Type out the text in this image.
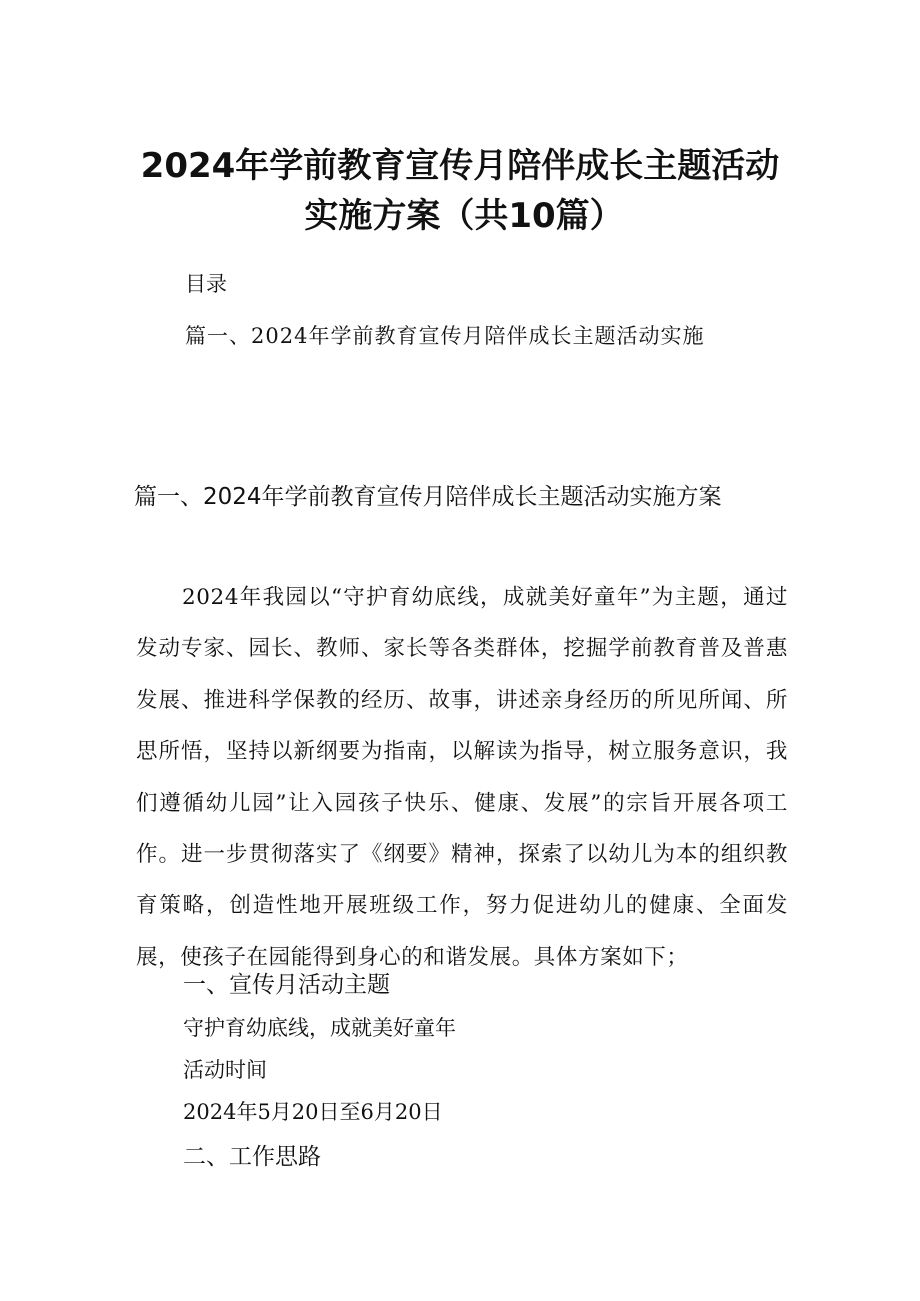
2024年学前教育宣传月陪伴成长主题活动
实施方案（共10篇）
目录
篇一、2024年学前教育宣传月陪伴成长主题活动实施
篇一、2024年学前教育宣传月陪伴成长主题活动实施方案
2024年我园以“守护育幼底线，成就美好童年”为主题，通过发动专家、园长、教师、家长等各类群体，挖掘学前教育普及普惠发展、推进科学保教的经历、故事，讲述亲身经历的所见所闻、所思所悟，坚持以新纲要为指南，以解读为指导，树立服务意识，我们遵循幼儿园”让入园孩子快乐、健康、发展”的宗旨开展各项工作。进一步贯彻落实了《纲要》精神，探索了以幼儿为本的组织教育策略，创造性地开展班级工作，努力促进幼儿的健康、全面发展，使孩子在园能得到身心的和谐发展。具体方案如下；
一、宣传月活动主题
守护育幼底线，成就美好童年
活动时间
2024年5月20日至6月20日
二、工作思路
